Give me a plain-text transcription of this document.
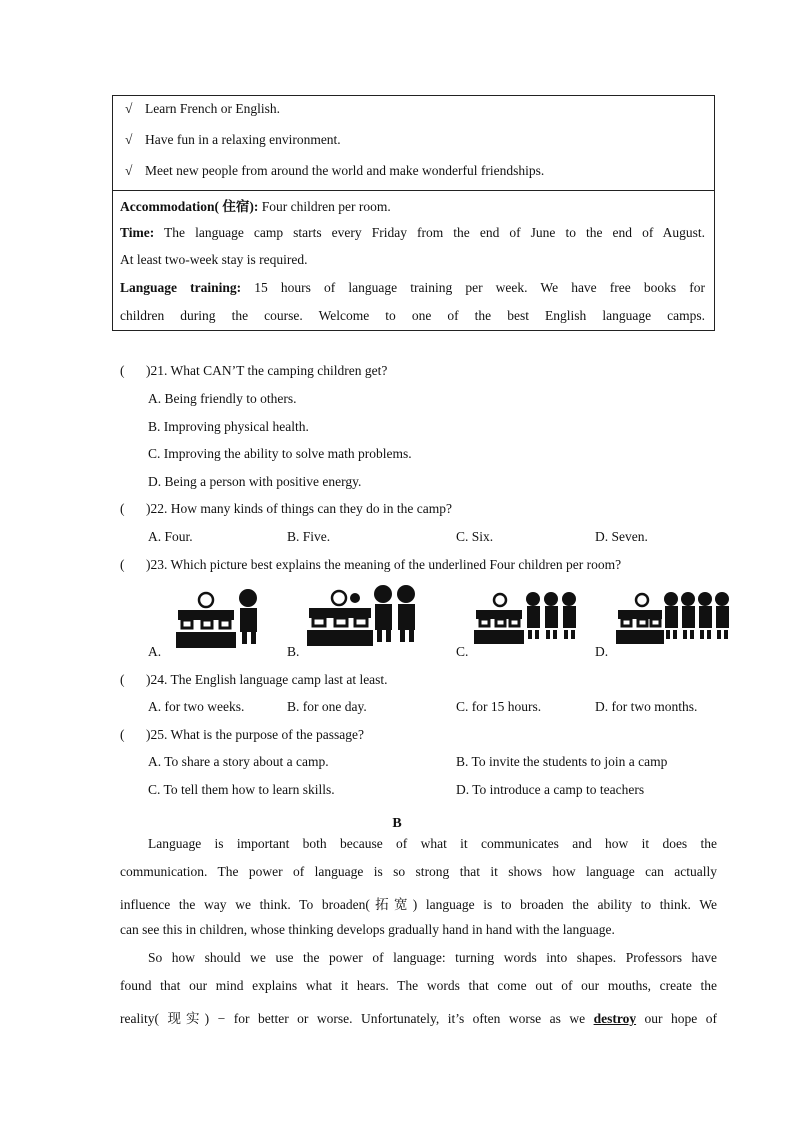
√ Learn French or English.
√ Have fun in a relaxing environment.
√ Meet new people from around the world and make wonderful friendships.
Accommodation( 住宿): Four children per room.
Time: The language camp starts every Friday from the end of June to the end of August.
At least two-week stay is required.
Language training: 15 hours of language training per week. We have free books for
children during the course. Welcome to one of the best English language camps.
( )21. What CAN’T the camping children get?
A. Being friendly to others.
B. Improving physical health.
C. Improving the ability to solve math problems.
D. Being a person with positive energy.
( )22. How many kinds of things can they do in the camp?
A. Four.	B. Five.	C. Six.	D. Seven.
( )23. Which picture best explains the meaning of the underlined Four children per room?
A.	B.	C.	D.
( )24. The English language camp last at least.
A. for two weeks.	B. for one day.	C. for 15 hours.	D. for two months.
( )25. What is the purpose of the passage?
A. To share a story about a camp.	B. To invite the students to join a camp
C. To tell them how to learn skills.	D. To introduce a camp to teachers
B
Language is important both because of what it communicates and how it does the
communication. The power of language is so strong that it shows how language can actually
influence the way we think. To broaden(拓宽) language is to broaden the ability to think. We
can see this in children, whose thinking develops gradually hand in hand with the language.
So how should we use the power of language: turning words into shapes. Professors have
found that our mind explains what it hears. The words that come out of our mouths, create the
reality( 现实) − for better or worse. Unfortunately, it’s often worse as we destroy our hope of
